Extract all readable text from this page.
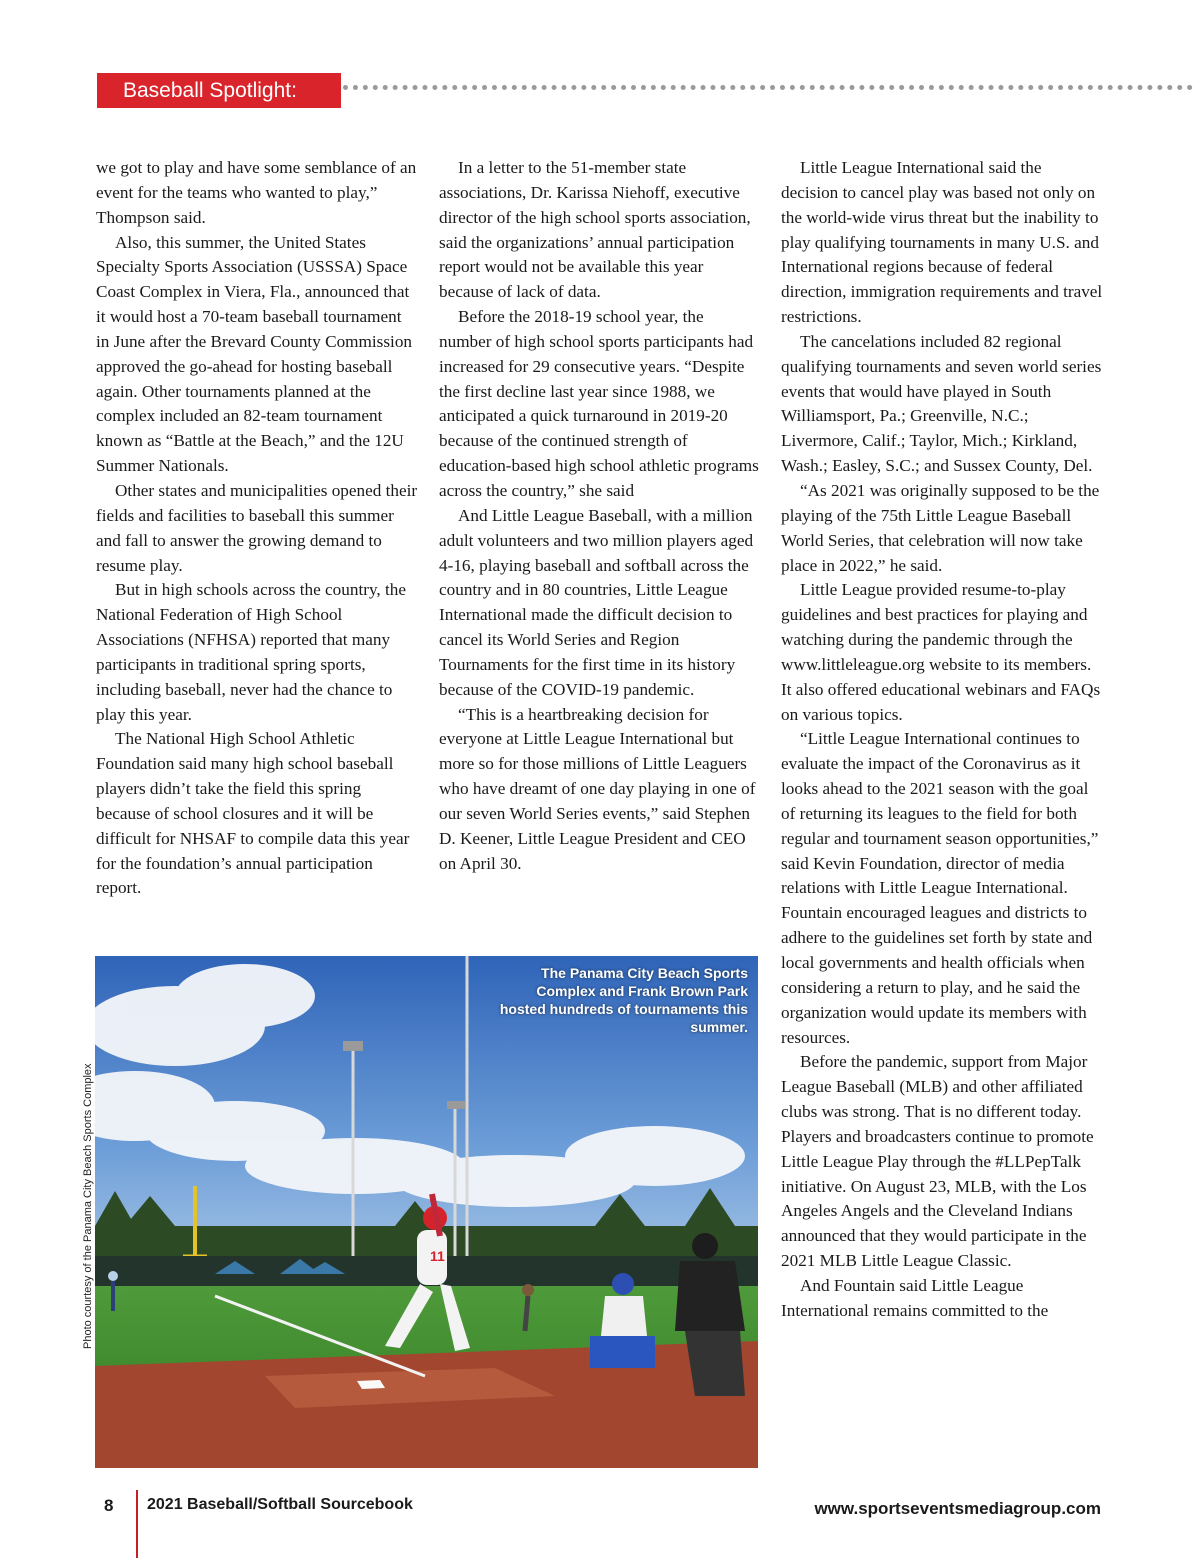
Baseball Spotlight:

we got to play and have some semblance of an event for the teams who wanted to play,” Thompson said.

Also, this summer, the United States Specialty Sports Association (USSSA) Space Coast Complex in Viera, Fla., announced that it would host a 70-team baseball tournament in June after the Brevard County Commission approved the go-ahead for hosting baseball again. Other tournaments planned at the complex included an 82-team tournament known as “Battle at the Beach,” and the 12U Summer Nationals.

Other states and municipalities opened their fields and facilities to baseball this summer and fall to answer the growing demand to resume play.

But in high schools across the country, the National Federation of High School Associations (NFHSA) reported that many participants in traditional spring sports, including baseball, never had the chance to play this year.

The National High School Athletic Foundation said many high school baseball players didn’t take the field this spring because of school closures and it will be difficult for NHSAF to compile data this year for the foundation’s annual participation report.

In a letter to the 51-member state associations, Dr. Karissa Niehoff, executive director of the high school sports association, said the organizations’ annual participation report would not be available this year because of lack of data.

Before the 2018-19 school year, the number of high school sports participants had increased for 29 consecutive years. “Despite the first decline last year since 1988, we anticipated a quick turnaround in 2019-20 because of the continued strength of education-based high school athletic programs across the country,” she said

And Little League Baseball, with a million adult volunteers and two million players aged 4-16, playing baseball and softball across the country and in 80 countries, Little League International made the difficult decision to cancel its World Series and Region Tournaments for the first time in its history because of the COVID-19 pandemic.

“This is a heartbreaking decision for everyone at Little League International but more so for those millions of Little Leaguers who have dreamt of one day playing in one of our seven World Series events,” said Stephen D. Keener, Little League President and CEO on April 30.

Little League International said the decision to cancel play was based not only on the world-wide virus threat but the inability to play qualifying tournaments in many U.S. and International regions because of federal direction, immigration requirements and travel restrictions.

The cancelations included 82 regional qualifying tournaments and seven world series events that would have played in South Williamsport, Pa.; Greenville, N.C.; Livermore, Calif.; Taylor, Mich.; Kirkland, Wash.; Easley, S.C.; and Sussex County, Del.

“As 2021 was originally supposed to be the playing of the 75th Little League Baseball World Series, that celebration will now take place in 2022,” he said.

Little League provided resume-to-play guidelines and best practices for playing and watching during the pandemic through the www.littleleague.org website to its members. It also offered educational webinars and FAQs on various topics.

“Little League International continues to evaluate the impact of the Coronavirus as it looks ahead to the 2021 season with the goal of returning its leagues to the field for both regular and tournament season opportunities,” said Kevin Foundation, director of media relations with Little League International. Fountain encouraged leagues and districts to adhere to the guidelines set forth by state and local governments and health officials when considering a return to play, and he said the organization would update its members with resources.

Before the pandemic, support from Major League Baseball (MLB) and other affiliated clubs was strong. That is no different today. Players and broadcasters continue to promote Little League Play through the #LLPepTalk initiative. On August 23, MLB, with the Los Angeles Angels and the Cleveland Indians announced that they would participate in the 2021 MLB Little League Classic.

And Fountain said Little League International remains committed to the

11
The Panama City Beach Sports Complex and Frank Brown Park hosted hundreds of tournaments this summer.
Photo courtesy of the Panama City Beach Sports Complex
8 2021 Baseball/Softball Sourcebook	www.sportseventsmediagroup.com
